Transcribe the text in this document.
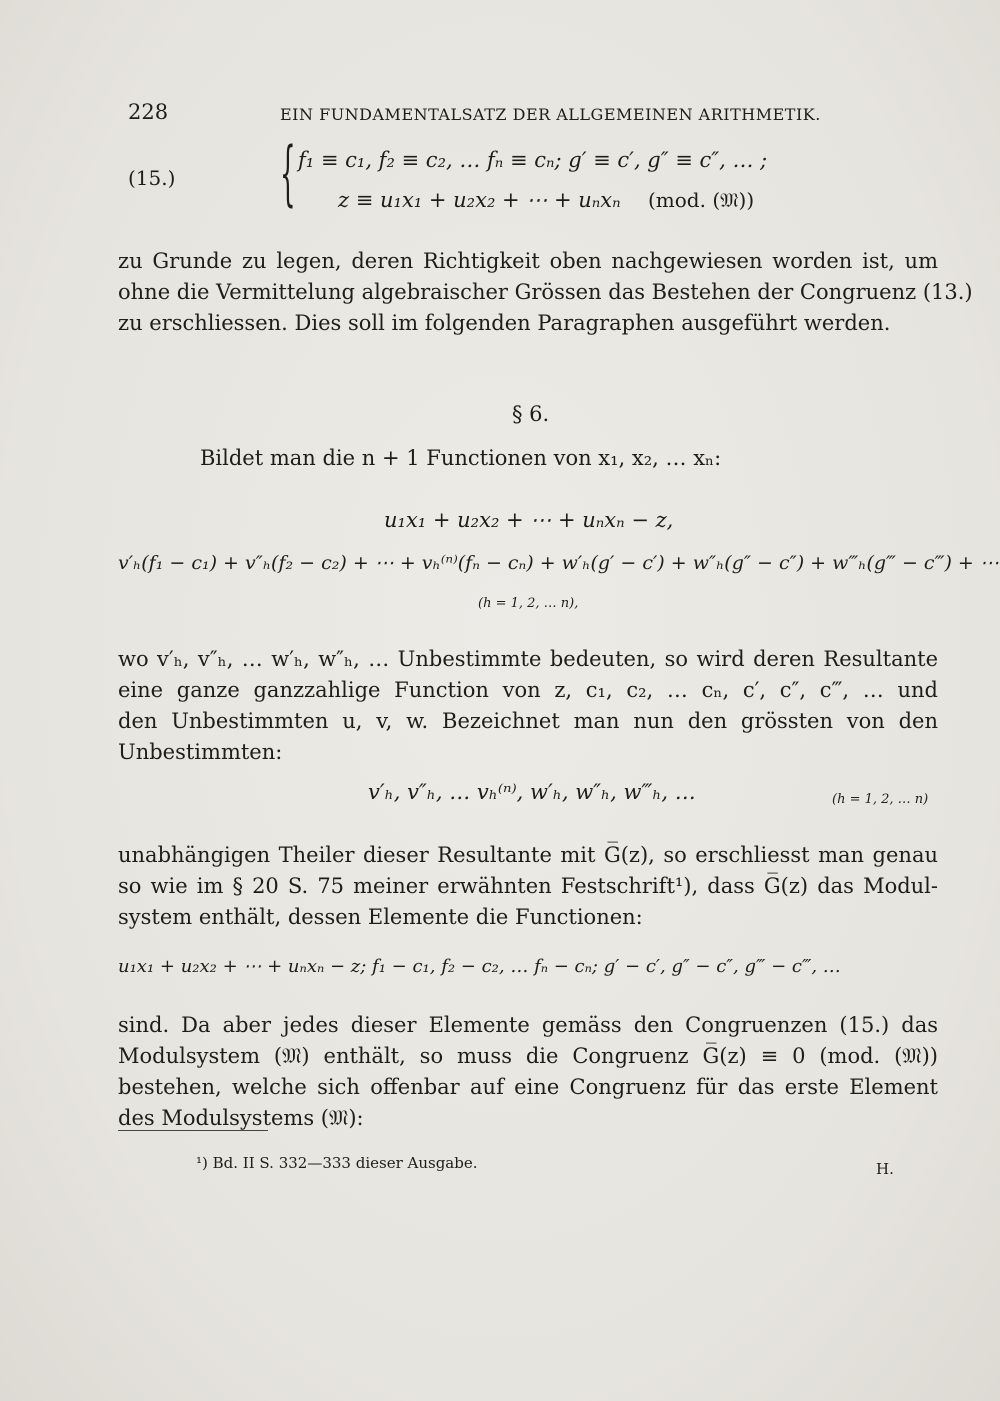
228	EIN FUNDAMENTALSATZ DER ALLGEMEINEN ARITHMETIK.
(15.) { f₁ ≡ c₁, f₂ ≡ c₂, … fₙ ≡ cₙ; g′ ≡ c′, g″ ≡ c″, … ;
z ≡ u₁x₁ + u₂x₂ + ⋯ + uₙxₙ (mod. (𝔐))
zu Grunde zu legen, deren Richtigkeit oben nachgewiesen worden ist, um
ohne die Vermittelung algebraischer Grössen das Bestehen der Congruenz (13.)
zu erschliessen. Dies soll im folgenden Paragraphen ausgeführt werden.
§ 6.
Bildet man die n + 1 Functionen von x₁, x₂, … xₙ:
u₁x₁ + u₂x₂ + ⋯ + uₙxₙ − z,
v′ₕ(f₁ − c₁) + v″ₕ(f₂ − c₂) + ⋯ + vₕ⁽ⁿ⁾(fₙ − cₙ) + w′ₕ(g′ − c′) + w″ₕ(g″ − c″) + w‴ₕ(g‴ − c‴) + ⋯
(h = 1, 2, … n),
wo v′ₕ, v″ₕ, … w′ₕ, w″ₕ, … Unbestimmte bedeuten, so wird deren Resultante
eine ganze ganzzahlige Function von z, c₁, c₂, … cₙ, c′, c″, c‴, … und
den Unbestimmten u, v, w. Bezeichnet man nun den grössten von den
Unbestimmten:
v′ₕ, v″ₕ, … vₕ⁽ⁿ⁾, w′ₕ, w″ₕ, w‴ₕ, …	(h = 1, 2, … n)
unabhängigen Theiler dieser Resultante mit G̅(z), so erschliesst man genau
so wie im § 20 S. 75 meiner erwähnten Festschrift¹), dass G̅(z) das Modul-
system enthält, dessen Elemente die Functionen:
u₁x₁ + u₂x₂ + ⋯ + uₙxₙ − z; f₁ − c₁, f₂ − c₂, … fₙ − cₙ; g′ − c′, g″ − c″, g‴ − c‴, …
sind. Da aber jedes dieser Elemente gemäss den Congruenzen (15.) das
Modulsystem (𝔐) enthält, so muss die Congruenz G̅(z) ≡ 0 (mod. (𝔐))
bestehen, welche sich offenbar auf eine Congruenz für das erste Element
des Modulsystems (𝔐):
¹) Bd. II S. 332—333 dieser Ausgabe.	H.
